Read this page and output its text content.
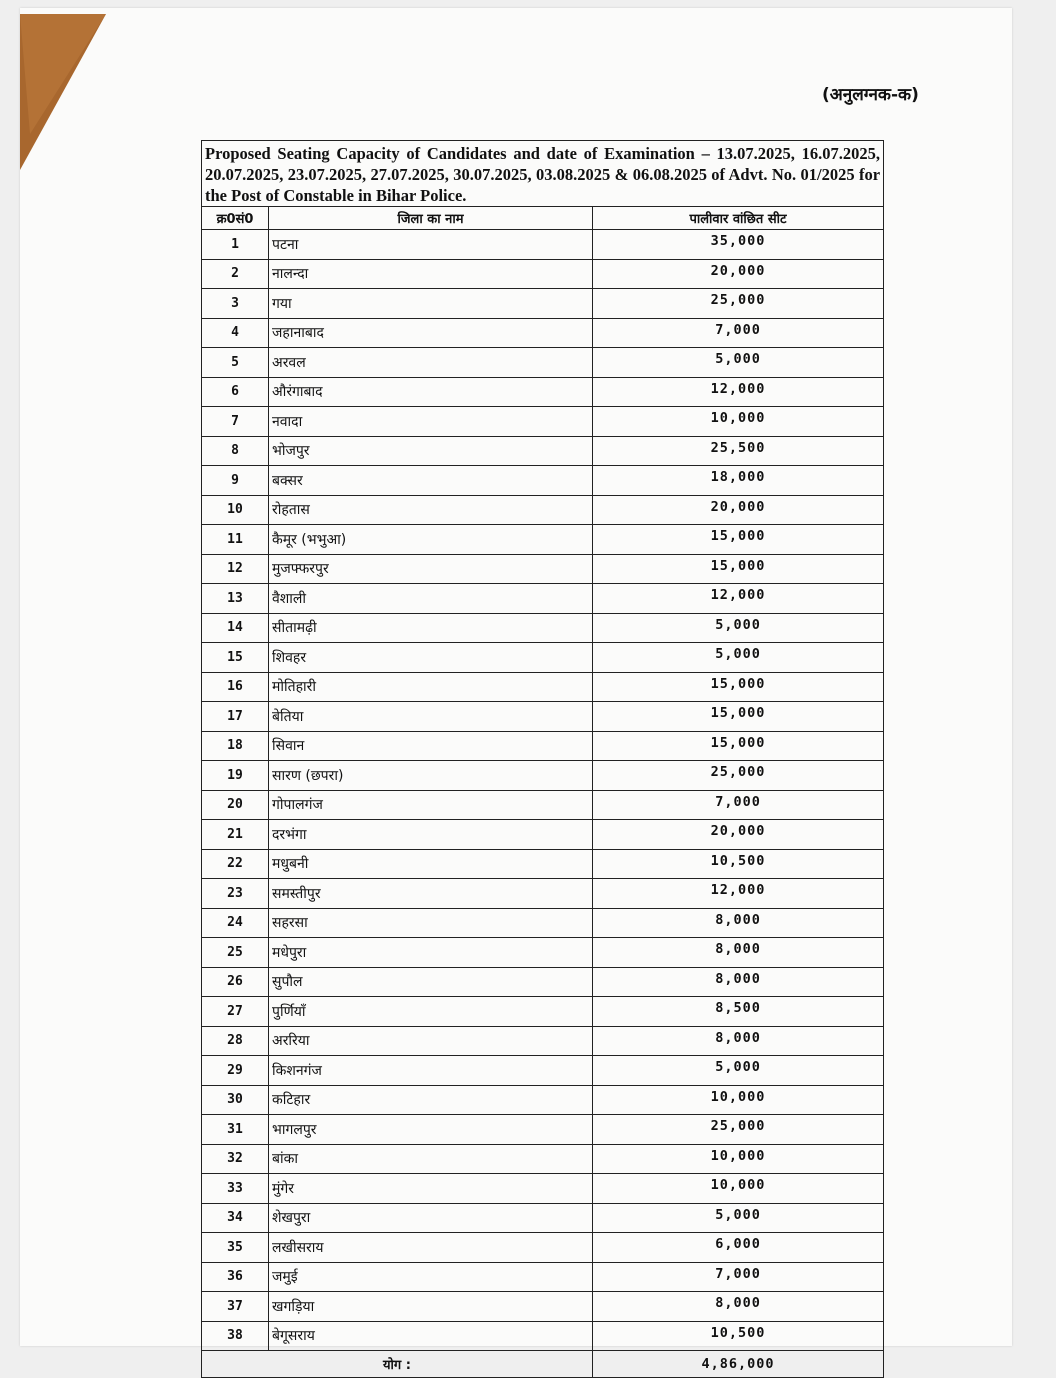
(अनुलग्नक-क)
Proposed Seating Capacity of Candidates and date of Examination – 13.07.2025, 16.07.2025, 20.07.2025, 23.07.2025, 27.07.2025, 30.07.2025, 03.08.2025 & 06.08.2025 of Advt. No. 01/2025 for the Post of Constable in Bihar Police.		
क्र0सं0	जिला का नाम	पालीवार वांछित सीट
1	पटना	35,000
2	नालन्दा	20,000
3	गया	25,000
4	जहानाबाद	7,000
5	अरवल	5,000
6	औरंगाबाद	12,000
7	नवादा	10,000
8	भोजपुर	25,500
9	बक्सर	18,000
10	रोहतास	20,000
11	कैमूर (भभुआ)	15,000
12	मुजफ्फरपुर	15,000
13	वैशाली	12,000
14	सीतामढ़ी	5,000
15	शिवहर	5,000
16	मोतिहारी	15,000
17	बेतिया	15,000
18	सिवान	15,000
19	सारण (छपरा)	25,000
20	गोपालगंज	7,000
21	दरभंगा	20,000
22	मधुबनी	10,500
23	समस्तीपुर	12,000
24	सहरसा	8,000
25	मधेपुरा	8,000
26	सुपौल	8,000
27	पुर्णियाँ	8,500
28	अररिया	8,000
29	किशनगंज	5,000
30	कटिहार	10,000
31	भागलपुर	25,000
32	बांका	10,000
33	मुंगेर	10,000
34	शेखपुरा	5,000
35	लखीसराय	6,000
36	जमुई	7,000
37	खगड़िया	8,000
38	बेगूसराय	10,500
योग :		4,86,000
